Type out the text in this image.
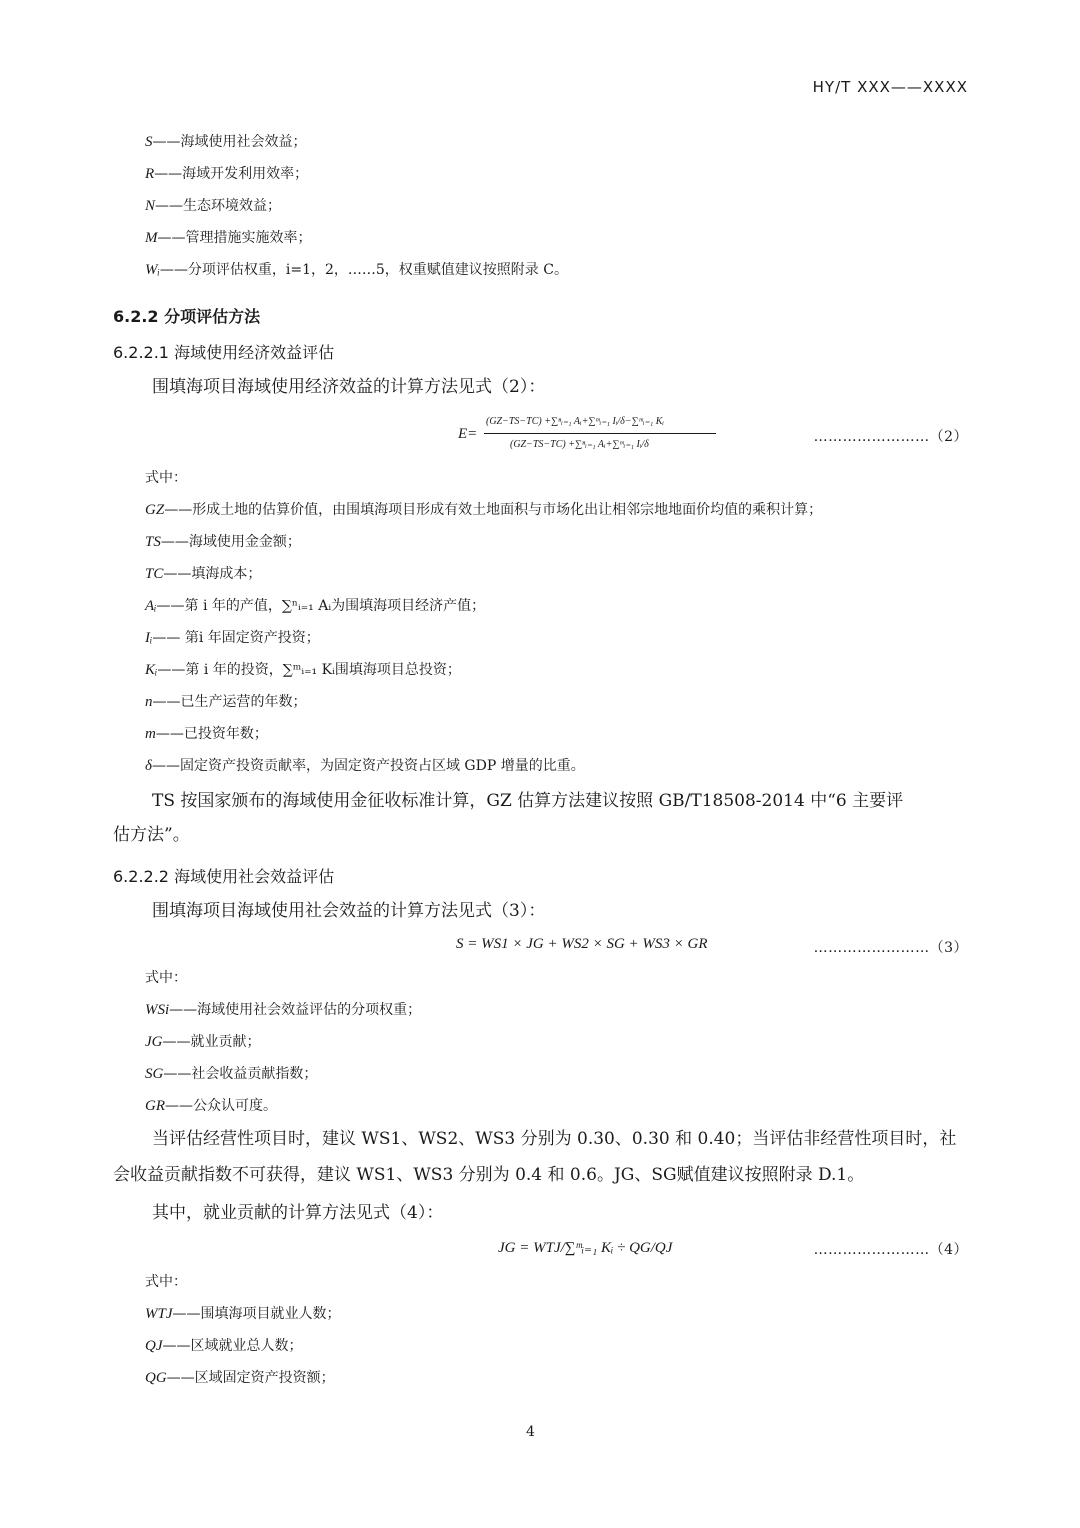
HY/T XXX——XXXX
S——海域使用社会效益；
R——海域开发利用效率；
N——生态环境效益；
M——管理措施实施效率；
Wᵢ——分项评估权重，i=1，2，……5，权重赋值建议按照附录 C。
6.2.2 分项评估方法
6.2.2.1 海域使用经济效益评估
围填海项目海域使用经济效益的计算方法见式（2）：
E=
(GZ−TS−TC) +∑ⁿᵢ₌₁ Aᵢ+∑ᵐᵢ₌₁ Iᵢ/δ−∑ᵐᵢ₌₁ Kᵢ
(GZ−TS−TC) +∑ⁿᵢ₌₁ Aᵢ+∑ᵐᵢ₌₁ Iᵢ/δ	……………………（2）
式中：
GZ——形成土地的估算价值，由围填海项目形成有效土地面积与市场化出让相邻宗地地面价均值的乘积计算；
TS——海域使用金金额；
TC——填海成本；
Aᵢ——第 i 年的产值，∑ⁿᵢ₌₁ Aᵢ为围填海项目经济产值；
Iᵢ—— 第i 年固定资产投资；
Kᵢ——第 i 年的投资，∑ᵐᵢ₌₁ Kᵢ围填海项目总投资；
n——已生产运营的年数；
m——已投资年数；
δ——固定资产投资贡献率，为固定资产投资占区域 GDP 增量的比重。
TS 按国家颁布的海域使用金征收标准计算，GZ 估算方法建议按照 GB/T18508-2014 中“6 主要评
估方法”。
6.2.2.2 海域使用社会效益评估
围填海项目海域使用社会效益的计算方法见式（3）：
S = WS1 × JG + WS2 × SG + WS3 × GR	……………………（3）
式中：
WSi——海域使用社会效益评估的分项权重；
JG——就业贡献；
SG——社会收益贡献指数；
GR——公众认可度。
当评估经营性项目时，建议 WS1、WS2、WS3 分别为 0.30、0.30 和 0.40；当评估非经营性项目时，社
会收益贡献指数不可获得，建议 WS1、WS3 分别为 0.4 和 0.6。JG、SG赋值建议按照附录 D.1。
其中，就业贡献的计算方法见式（4）：
JG = WTJ/∑ᵐᵢ₌₁ Kᵢ ÷ QG/QJ	……………………（4）
式中：
WTJ——围填海项目就业人数；
QJ——区域就业总人数；
QG——区域固定资产投资额；
4
